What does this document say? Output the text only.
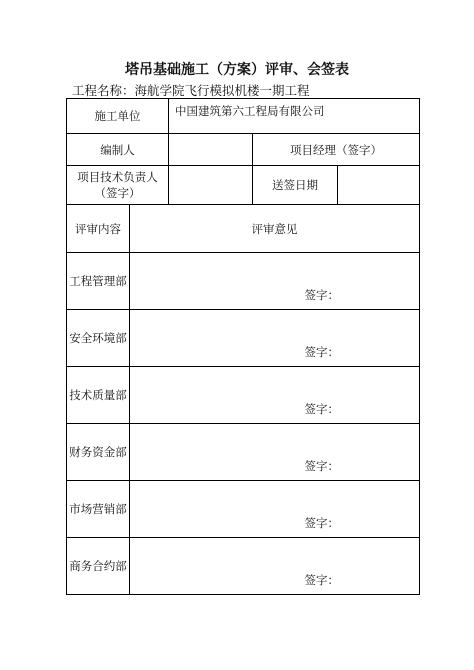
塔吊基础施工（方案）评审、会签表
工程名称：海航学院飞行模拟机楼一期工程
施工单位		中国建筑第六工程局有限公司		
编制人			项目经理（签字）	

项目技术负责人
（签字）			送签日期	
评审内容	评审意见			
工程管理部	签字：			

安全环境部	签字：			

技术质量部	签字：			

财务资金部	签字：			

市场营销部	签字：			

商务合约部	签字：			
